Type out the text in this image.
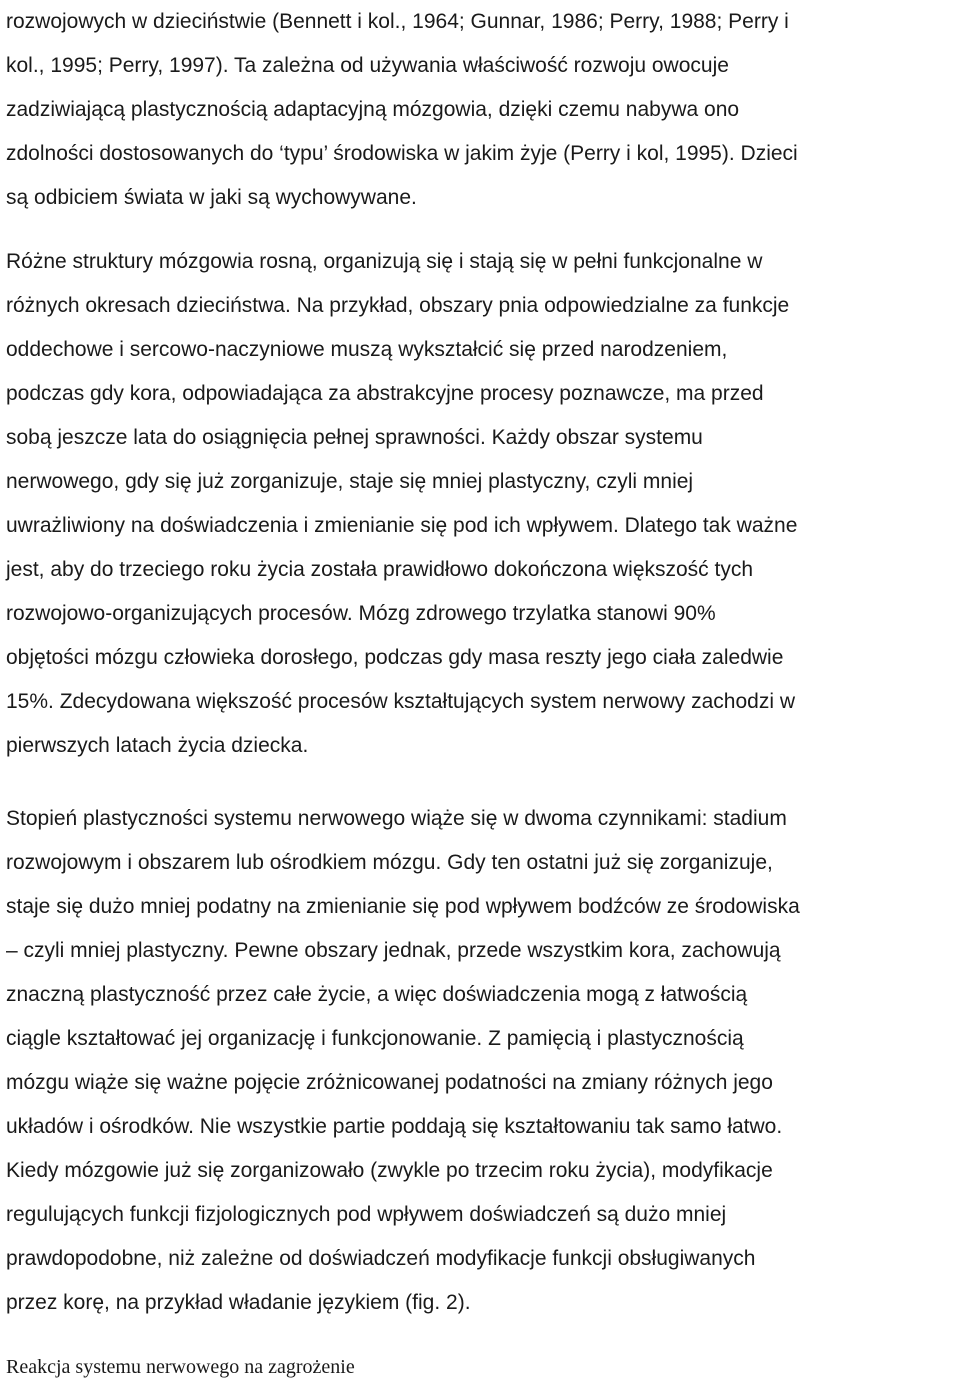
rozwojowych w dzieciństwie (Bennett i kol., 1964; Gunnar, 1986; Perry, 1988; Perry i
kol., 1995; Perry, 1997). Ta zależna od używania właściwość rozwoju owocuje
zadziwiającą plastycznością adaptacyjną mózgowia, dzięki czemu nabywa ono
zdolności dostosowanych do ‘typu’ środowiska w jakim żyje (Perry i kol, 1995). Dzieci
są odbiciem świata w jaki są wychowywane.

Różne struktury mózgowia rosną, organizują się i stają się w pełni funkcjonalne w
różnych okresach dzieciństwa. Na przykład, obszary pnia odpowiedzialne za funkcje
oddechowe i sercowo-naczyniowe muszą wykształcić się przed narodzeniem,
podczas gdy kora, odpowiadająca za abstrakcyjne procesy poznawcze, ma przed
sobą jeszcze lata do osiągnięcia pełnej sprawności. Każdy obszar systemu
nerwowego, gdy się już zorganizuje, staje się mniej plastyczny, czyli mniej
uwrażliwiony na doświadczenia i zmienianie się pod ich wpływem. Dlatego tak ważne
jest, aby do trzeciego roku życia została prawidłowo dokończona większość tych
rozwojowo-organizujących procesów. Mózg zdrowego trzylatka stanowi 90%
objętości mózgu człowieka dorosłego, podczas gdy masa reszty jego ciała zaledwie
15%. Zdecydowana większość procesów kształtujących system nerwowy zachodzi w
pierwszych latach życia dziecka.

Stopień plastyczności systemu nerwowego wiąże się w dwoma czynnikami: stadium
rozwojowym i obszarem lub ośrodkiem mózgu. Gdy ten ostatni już się zorganizuje,
staje się dużo mniej podatny na zmienianie się pod wpływem bodźców ze środowiska
– czyli mniej plastyczny. Pewne obszary jednak, przede wszystkim kora, zachowują
znaczną plastyczność przez całe życie, a więc doświadczenia mogą z łatwością
ciągle kształtować jej organizację i funkcjonowanie. Z pamięcią i plastycznością
mózgu wiąże się ważne pojęcie zróżnicowanej podatności na zmiany różnych jego
układów i ośrodków. Nie wszystkie partie poddają się kształtowaniu tak samo łatwo.
Kiedy mózgowie już się zorganizowało (zwykle po trzecim roku życia), modyfikacje
regulujących funkcji fizjologicznych pod wpływem doświadczeń są dużo mniej
prawdopodobne, niż zależne od doświadczeń modyfikacje funkcji obsługiwanych
przez korę, na przykład władanie językiem (fig. 2).

Reakcja systemu nerwowego na zagrożenie
